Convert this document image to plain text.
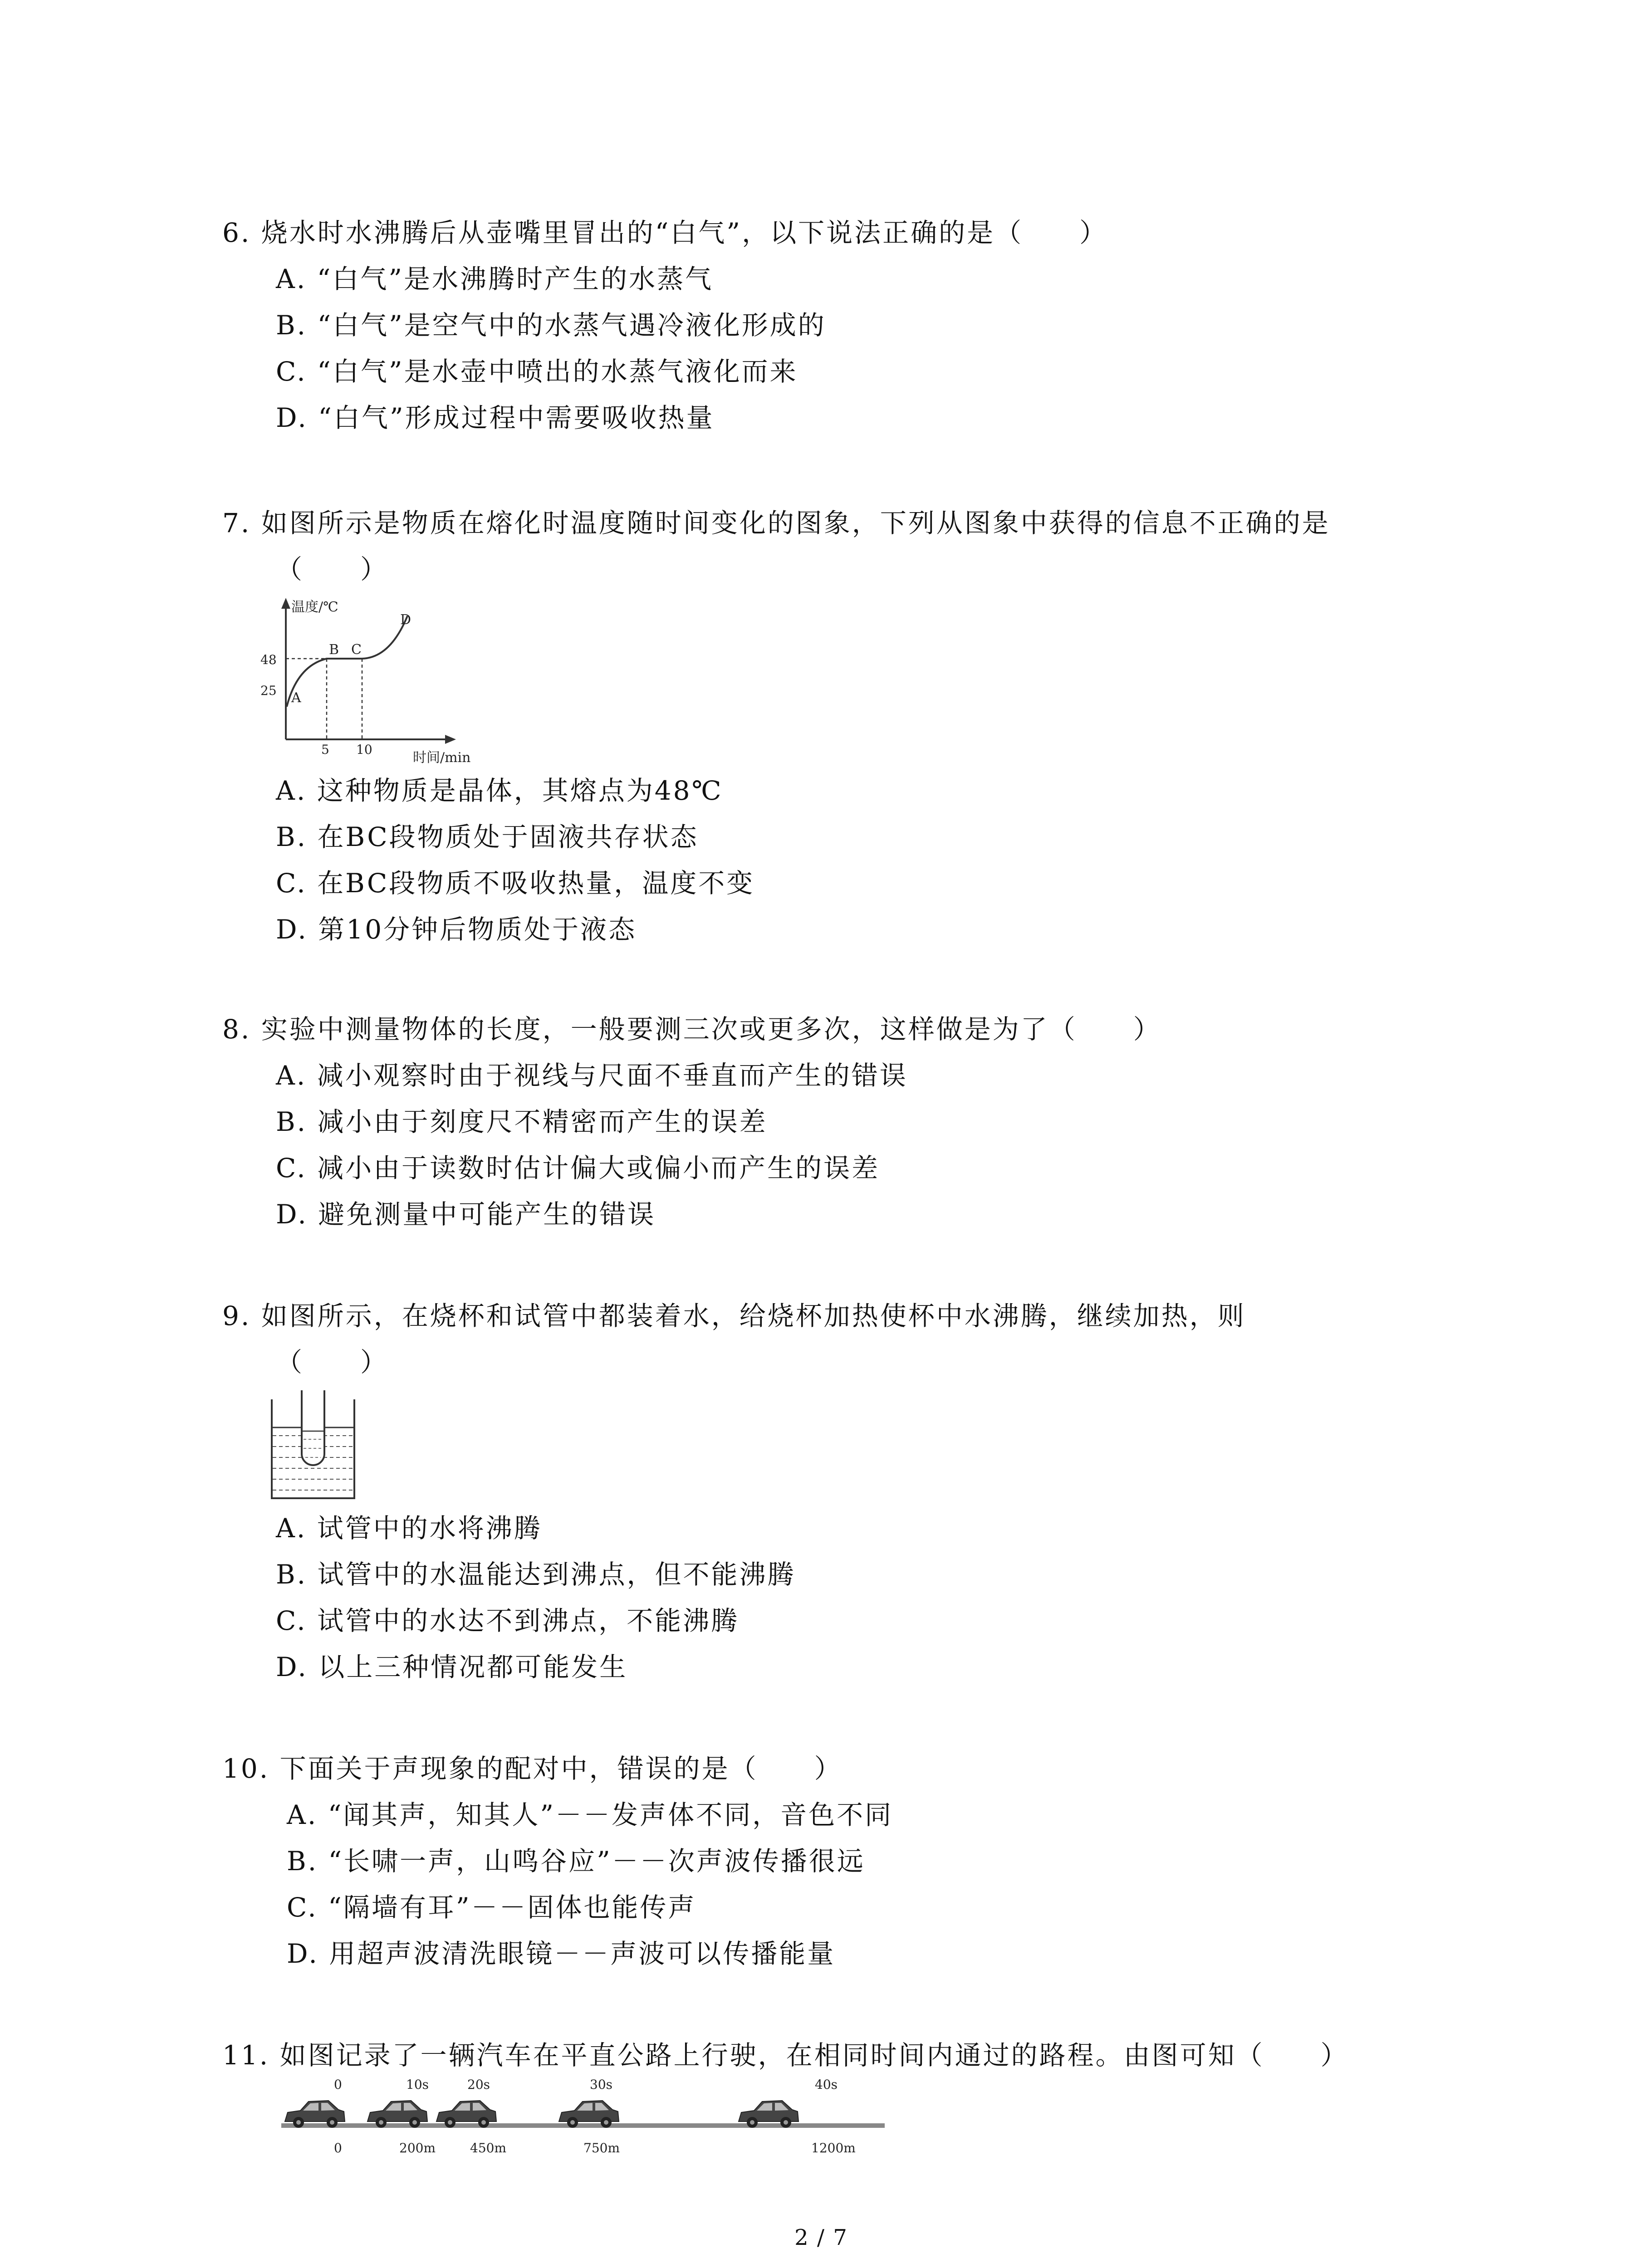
6. 烧水时水沸腾后从壶嘴里冒出的“白气”，以下说法正确的是（　　）
A. “白气”是水沸腾时产生的水蒸气
B. “白气”是空气中的水蒸气遇冷液化形成的
C. “白气”是水壶中喷出的水蒸气液化而来
D. “白气”形成过程中需要吸收热量
7. 如图所示是物质在熔化时温度随时间变化的图象，下列从图象中获得的信息不正确的是
（　　）
温度/℃
时间/min
48
25
5 10
A
B C
D
A. 这种物质是晶体，其熔点为48℃
B. 在BC段物质处于固液共存状态
C. 在BC段物质不吸收热量，温度不变
D. 第10分钟后物质处于液态
8. 实验中测量物体的长度，一般要测三次或更多次，这样做是为了（　　）
A. 减小观察时由于视线与尺面不垂直而产生的错误
B. 减小由于刻度尺不精密而产生的误差
C. 减小由于读数时估计偏大或偏小而产生的误差
D. 避免测量中可能产生的错误
9. 如图所示，在烧杯和试管中都装着水，给烧杯加热使杯中水沸腾，继续加热，则
（　　）
A. 试管中的水将沸腾
B. 试管中的水温能达到沸点，但不能沸腾
C. 试管中的水达不到沸点，不能沸腾
D. 以上三种情况都可能发生
10. 下面关于声现象的配对中，错误的是（　　）
A. “闻其声，知其人”－－发声体不同，音色不同
B. “长啸一声，山鸣谷应”－－次声波传播很远
C. “隔墙有耳”－－固体也能传声
D. 用超声波清洗眼镜－－声波可以传播能量
11. 如图记录了一辆汽车在平直公路上行驶，在相同时间内通过的路程。由图可知（　　）
0	10s	20s	30s	40s
0	200m	450m	750m	1200m
2 / 7
